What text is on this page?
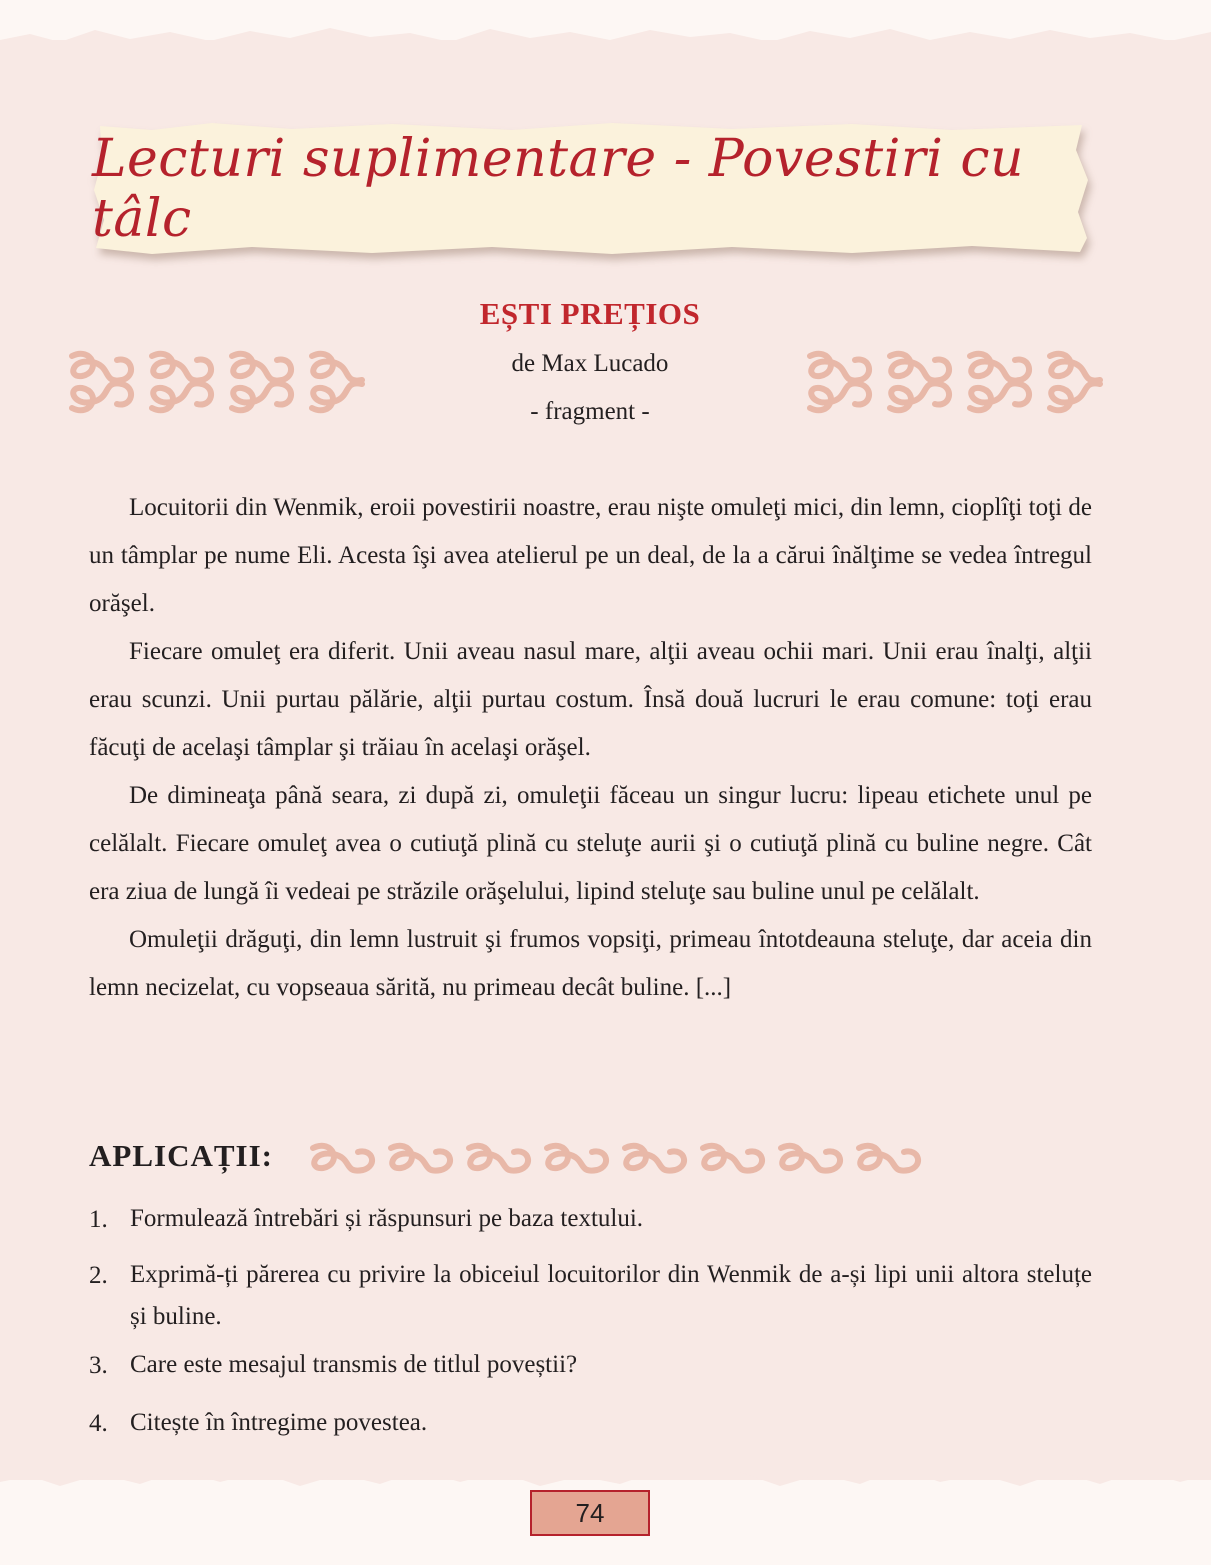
Lecturi suplimentare - Povestiri cu tâlc
EȘTI PREȚIOS
de Max Lucado
- fragment -

Locuitorii din Wenmik, eroii povestirii noastre, erau nişte omuleţi mici, din lemn, cioplîţi toţi de un tâmplar pe nume Eli. Acesta îşi avea atelierul pe un deal, de la a cărui înălţime se vedea întregul orăşel.

Fiecare omuleţ era diferit. Unii aveau nasul mare, alţii aveau ochii mari. Unii erau înalţi, alţii erau scunzi. Unii purtau pălărie, alţii purtau costum. Însă două lucruri le erau comune: toţi erau făcuţi de acelaşi tâmplar şi trăiau în acelaşi orăşel.

De dimineaţa până seara, zi după zi, omuleţii făceau un singur lucru: lipeau etichete unul pe celălalt. Fiecare omuleţ avea o cutiuţă plină cu steluţe aurii şi o cutiuţă plină cu buline negre. Cât era ziua de lungă îi vedeai pe străzile orăşelului, lipind steluţe sau buline unul pe celălalt.

Omuleţii drăguţi, din lemn lustruit şi frumos vopsiţi, primeau întotdeauna steluţe, dar aceia din lemn necizelat, cu vopseaua sărită, nu primeau decât buline. [...]

APLICAȚII:
1. Formulează întrebări și răspunsuri pe baza textului.
2. Exprimă-ți părerea cu privire la obiceiul locuitorilor din Wenmik de a-și lipi unii altora steluțe și buline.
3. Care este mesajul transmis de titlul poveștii?
4. Citește în întregime povestea.
74
